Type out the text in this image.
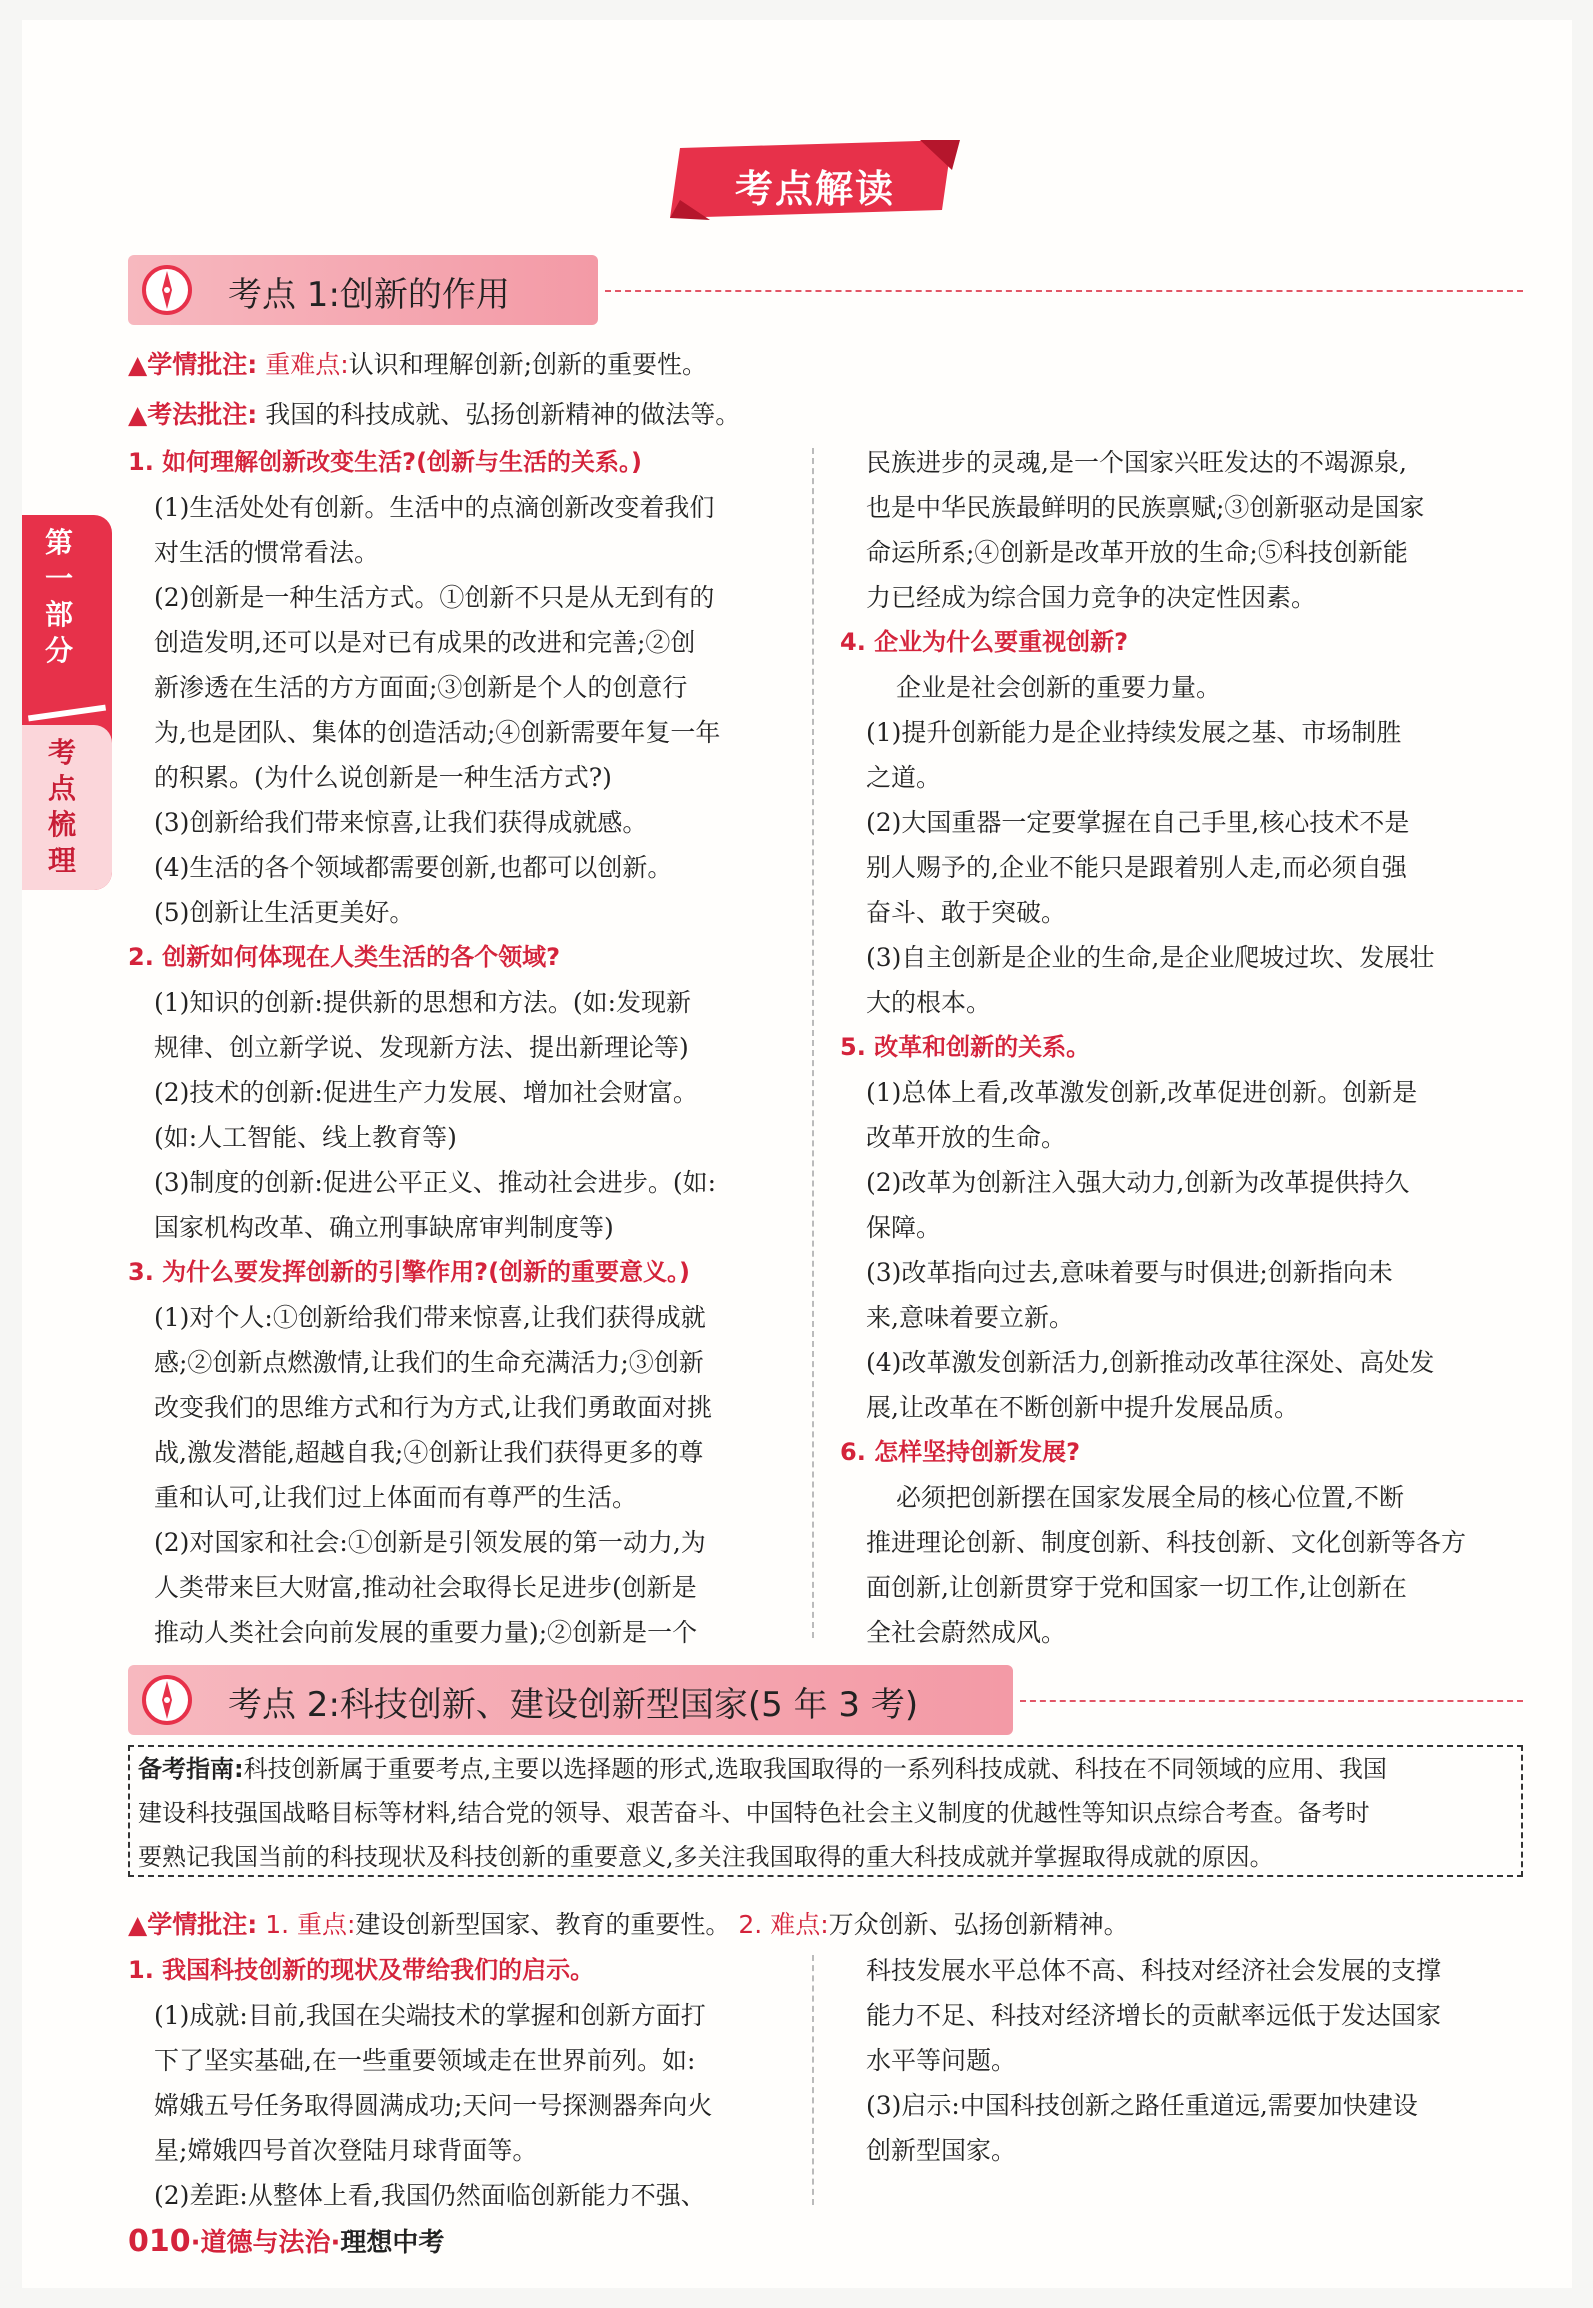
考点解读
考点 1:创新的作用
▲学情批注: 重难点:认识和理解创新;创新的重要性。
▲考法批注: 我国的科技成就、弘扬创新精神的做法等。
第一部分
考点梳理

1. 如何理解创新改变生活?(创新与生活的关系。)

(1)生活处处有创新。生活中的点滴创新改变着我们

对生活的惯常看法。

(2)创新是一种生活方式。①创新不只是从无到有的

创造发明,还可以是对已有成果的改进和完善;②创

新渗透在生活的方方面面;③创新是个人的创意行

为,也是团队、集体的创造活动;④创新需要年复一年

的积累。(为什么说创新是一种生活方式?)

(3)创新给我们带来惊喜,让我们获得成就感。

(4)生活的各个领域都需要创新,也都可以创新。

(5)创新让生活更美好。

2. 创新如何体现在人类生活的各个领域?

(1)知识的创新:提供新的思想和方法。(如:发现新

规律、创立新学说、发现新方法、提出新理论等)

(2)技术的创新:促进生产力发展、增加社会财富。

(如:人工智能、线上教育等)

(3)制度的创新:促进公平正义、推动社会进步。(如:

国家机构改革、确立刑事缺席审判制度等)

3. 为什么要发挥创新的引擎作用?(创新的重要意义。)

(1)对个人:①创新给我们带来惊喜,让我们获得成就

感;②创新点燃激情,让我们的生命充满活力;③创新

改变我们的思维方式和行为方式,让我们勇敢面对挑

战,激发潜能,超越自我;④创新让我们获得更多的尊

重和认可,让我们过上体面而有尊严的生活。

(2)对国家和社会:①创新是引领发展的第一动力,为

人类带来巨大财富,推动社会取得长足进步(创新是

推动人类社会向前发展的重要力量);②创新是一个

民族进步的灵魂,是一个国家兴旺发达的不竭源泉,

也是中华民族最鲜明的民族禀赋;③创新驱动是国家

命运所系;④创新是改革开放的生命;⑤科技创新能

力已经成为综合国力竞争的决定性因素。

4. 企业为什么要重视创新?

企业是社会创新的重要力量。

(1)提升创新能力是企业持续发展之基、市场制胜

之道。

(2)大国重器一定要掌握在自己手里,核心技术不是

别人赐予的,企业不能只是跟着别人走,而必须自强

奋斗、敢于突破。

(3)自主创新是企业的生命,是企业爬坡过坎、发展壮

大的根本。

5. 改革和创新的关系。

(1)总体上看,改革激发创新,改革促进创新。创新是

改革开放的生命。

(2)改革为创新注入强大动力,创新为改革提供持久

保障。

(3)改革指向过去,意味着要与时俱进;创新指向未

来,意味着要立新。

(4)改革激发创新活力,创新推动改革往深处、高处发

展,让改革在不断创新中提升发展品质。

6. 怎样坚持创新发展?

必须把创新摆在国家发展全局的核心位置,不断

推进理论创新、制度创新、科技创新、文化创新等各方

面创新,让创新贯穿于党和国家一切工作,让创新在

全社会蔚然成风。

考点 2:科技创新、建设创新型国家(5 年 3 考)
备考指南:科技创新属于重要考点,主要以选择题的形式,选取我国取得的一系列科技成就、科技在不同领域的应用、我国
建设科技强国战略目标等材料,结合党的领导、艰苦奋斗、中国特色社会主义制度的优越性等知识点综合考查。备考时
要熟记我国当前的科技现状及科技创新的重要意义,多关注我国取得的重大科技成就并掌握取得成就的原因。
▲学情批注: 1. 重点:建设创新型国家、教育的重要性。 2. 难点:万众创新、弘扬创新精神。

1. 我国科技创新的现状及带给我们的启示。

(1)成就:目前,我国在尖端技术的掌握和创新方面打

下了坚实基础,在一些重要领域走在世界前列。如:

嫦娥五号任务取得圆满成功;天问一号探测器奔向火

星;嫦娥四号首次登陆月球背面等。

(2)差距:从整体上看,我国仍然面临创新能力不强、

科技发展水平总体不高、科技对经济社会发展的支撑

能力不足、科技对经济增长的贡献率远低于发达国家

水平等问题。

(3)启示:中国科技创新之路任重道远,需要加快建设

创新型国家。

010·道德与法治·理想中考
